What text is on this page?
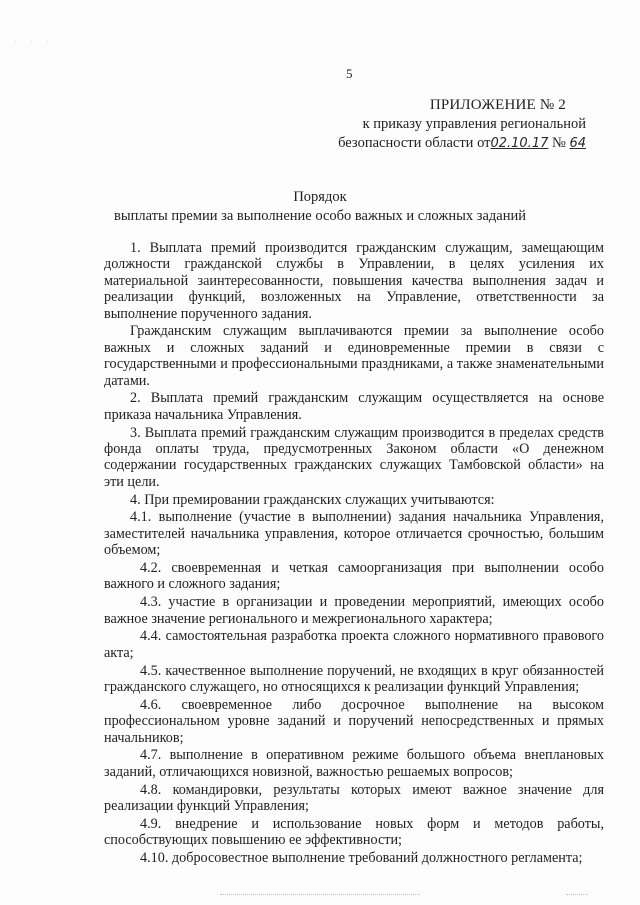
· · ·
5
ПРИЛОЖЕНИЕ № 2
к приказу управления региональной
безопасности области от02.10.17 № 64
Порядок
выплаты премии за выполнение особо важных и сложных заданий

1. Выплата премий производится гражданским служащим, замещающим должности гражданской службы в Управлении, в целях усиления их материальной заинтересованности, повышения качества выполнения задач и реализации функций, возложенных на Управление, ответственности за выполнение порученного задания.

Гражданским служащим выплачиваются премии за выполнение особо важных и сложных заданий и единовременные премии в связи с государственными и профессиональными праздниками, а также знаменательными датами.

2. Выплата премий гражданским служащим осуществляется на основе приказа начальника Управления.

3. Выплата премий гражданским служащим производится в пределах средств фонда оплаты труда, предусмотренных Законом области «О денежном содержании государственных гражданских служащих Тамбовской области» на эти цели.

4. При премировании гражданских служащих учитываются:

4.1. выполнение (участие в выполнении) задания начальника Управления, заместителей начальника управления, которое отличается срочностью, большим объемом;

4.2. своевременная и четкая самоорганизация при выполнении особо важного и сложного задания;

4.3. участие в организации и проведении мероприятий, имеющих особо важное значение регионального и межрегионального характера;

4.4. самостоятельная разработка проекта сложного нормативного правового акта;

4.5. качественное выполнение поручений, не входящих в круг обязанностей гражданского служащего, но относящихся к реализации функций Управления;

4.6. своевременное либо досрочное выполнение на высоком профессиональном уровне заданий и поручений непосредственных и прямых начальников;

4.7. выполнение в оперативном режиме большого объема внеплановых заданий, отличающихся новизной, важностью решаемых вопросов;

4.8. командировки, результаты которых имеют важное значение для реализации функций Управления;

4.9. внедрение и использование новых форм и методов работы, способствующих повышению ее эффективности;

4.10. добросовестное выполнение требований должностного регламента;
